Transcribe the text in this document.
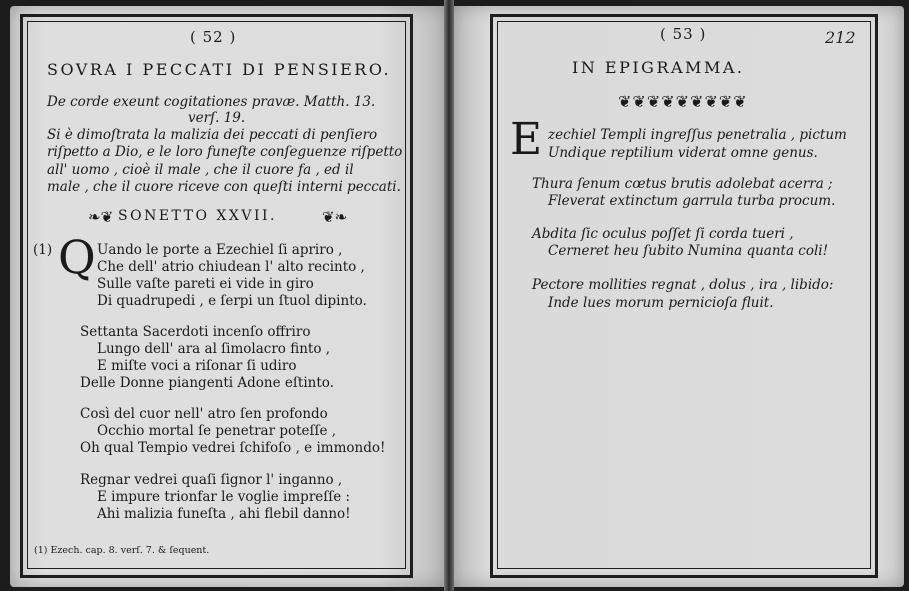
( 52 )
SOVRA I PECCATI DI PENSIERO.
De corde exeunt cogitationes pravæ. Matth. 13.
verſ. 19.
Si è dimoſtrata la malizia dei peccati di penſiero
riſpetto a Dio, e le loro funeſte conſeguenze riſpetto
all' uomo , cioè il male , che il cuore fa , ed il
male , che il cuore riceve con queſti interni peccati.
❧❦ SONETTO XXVII.	❦❧
(1) Q Uando le porte a Ezechiel ſi apriro ,
Che dell' atrio chiudean l' alto recinto ,
Sulle vaſte pareti ei vide in giro
Di quadrupedi , e ſerpi un ſtuol dipinto.
Settanta Sacerdoti incenſo offriro
Lungo dell' ara al ſimolacro finto ,
E miſte voci a riſonar ſi udiro
Delle Donne piangenti Adone eſtinto.
Così del cuor nell' atro ſen profondo
Occhio mortal ſe penetrar poteſſe ,
Oh qual Tempio vedrei ſchifoſo , e immondo!
Regnar vedrei quaſi ſignor l' inganno ,
E impure trionfar le voglie impreſſe :
Ahi malizia funeſta , ahi flebil danno!
(1) Ezech. cap. 8. verſ. 7. & ſequent.
( 53 )	212
IN EPIGRAMMA.
❦❦❦❦❦❦❦❦❦
E zechiel Templi ingreſſus penetralia , pictum
Undique reptilium viderat omne genus.
Thura ſenum cœtus brutis adolebat acerra ;
Fleverat extinctum garrula turba procum.
Abdita ſic oculus poſſet ſi corda tueri ,
Cerneret heu ſubito Numina quanta coli!
Pectore mollities regnat , dolus , ira , libido:
Inde lues morum pernicioſa fluit.
